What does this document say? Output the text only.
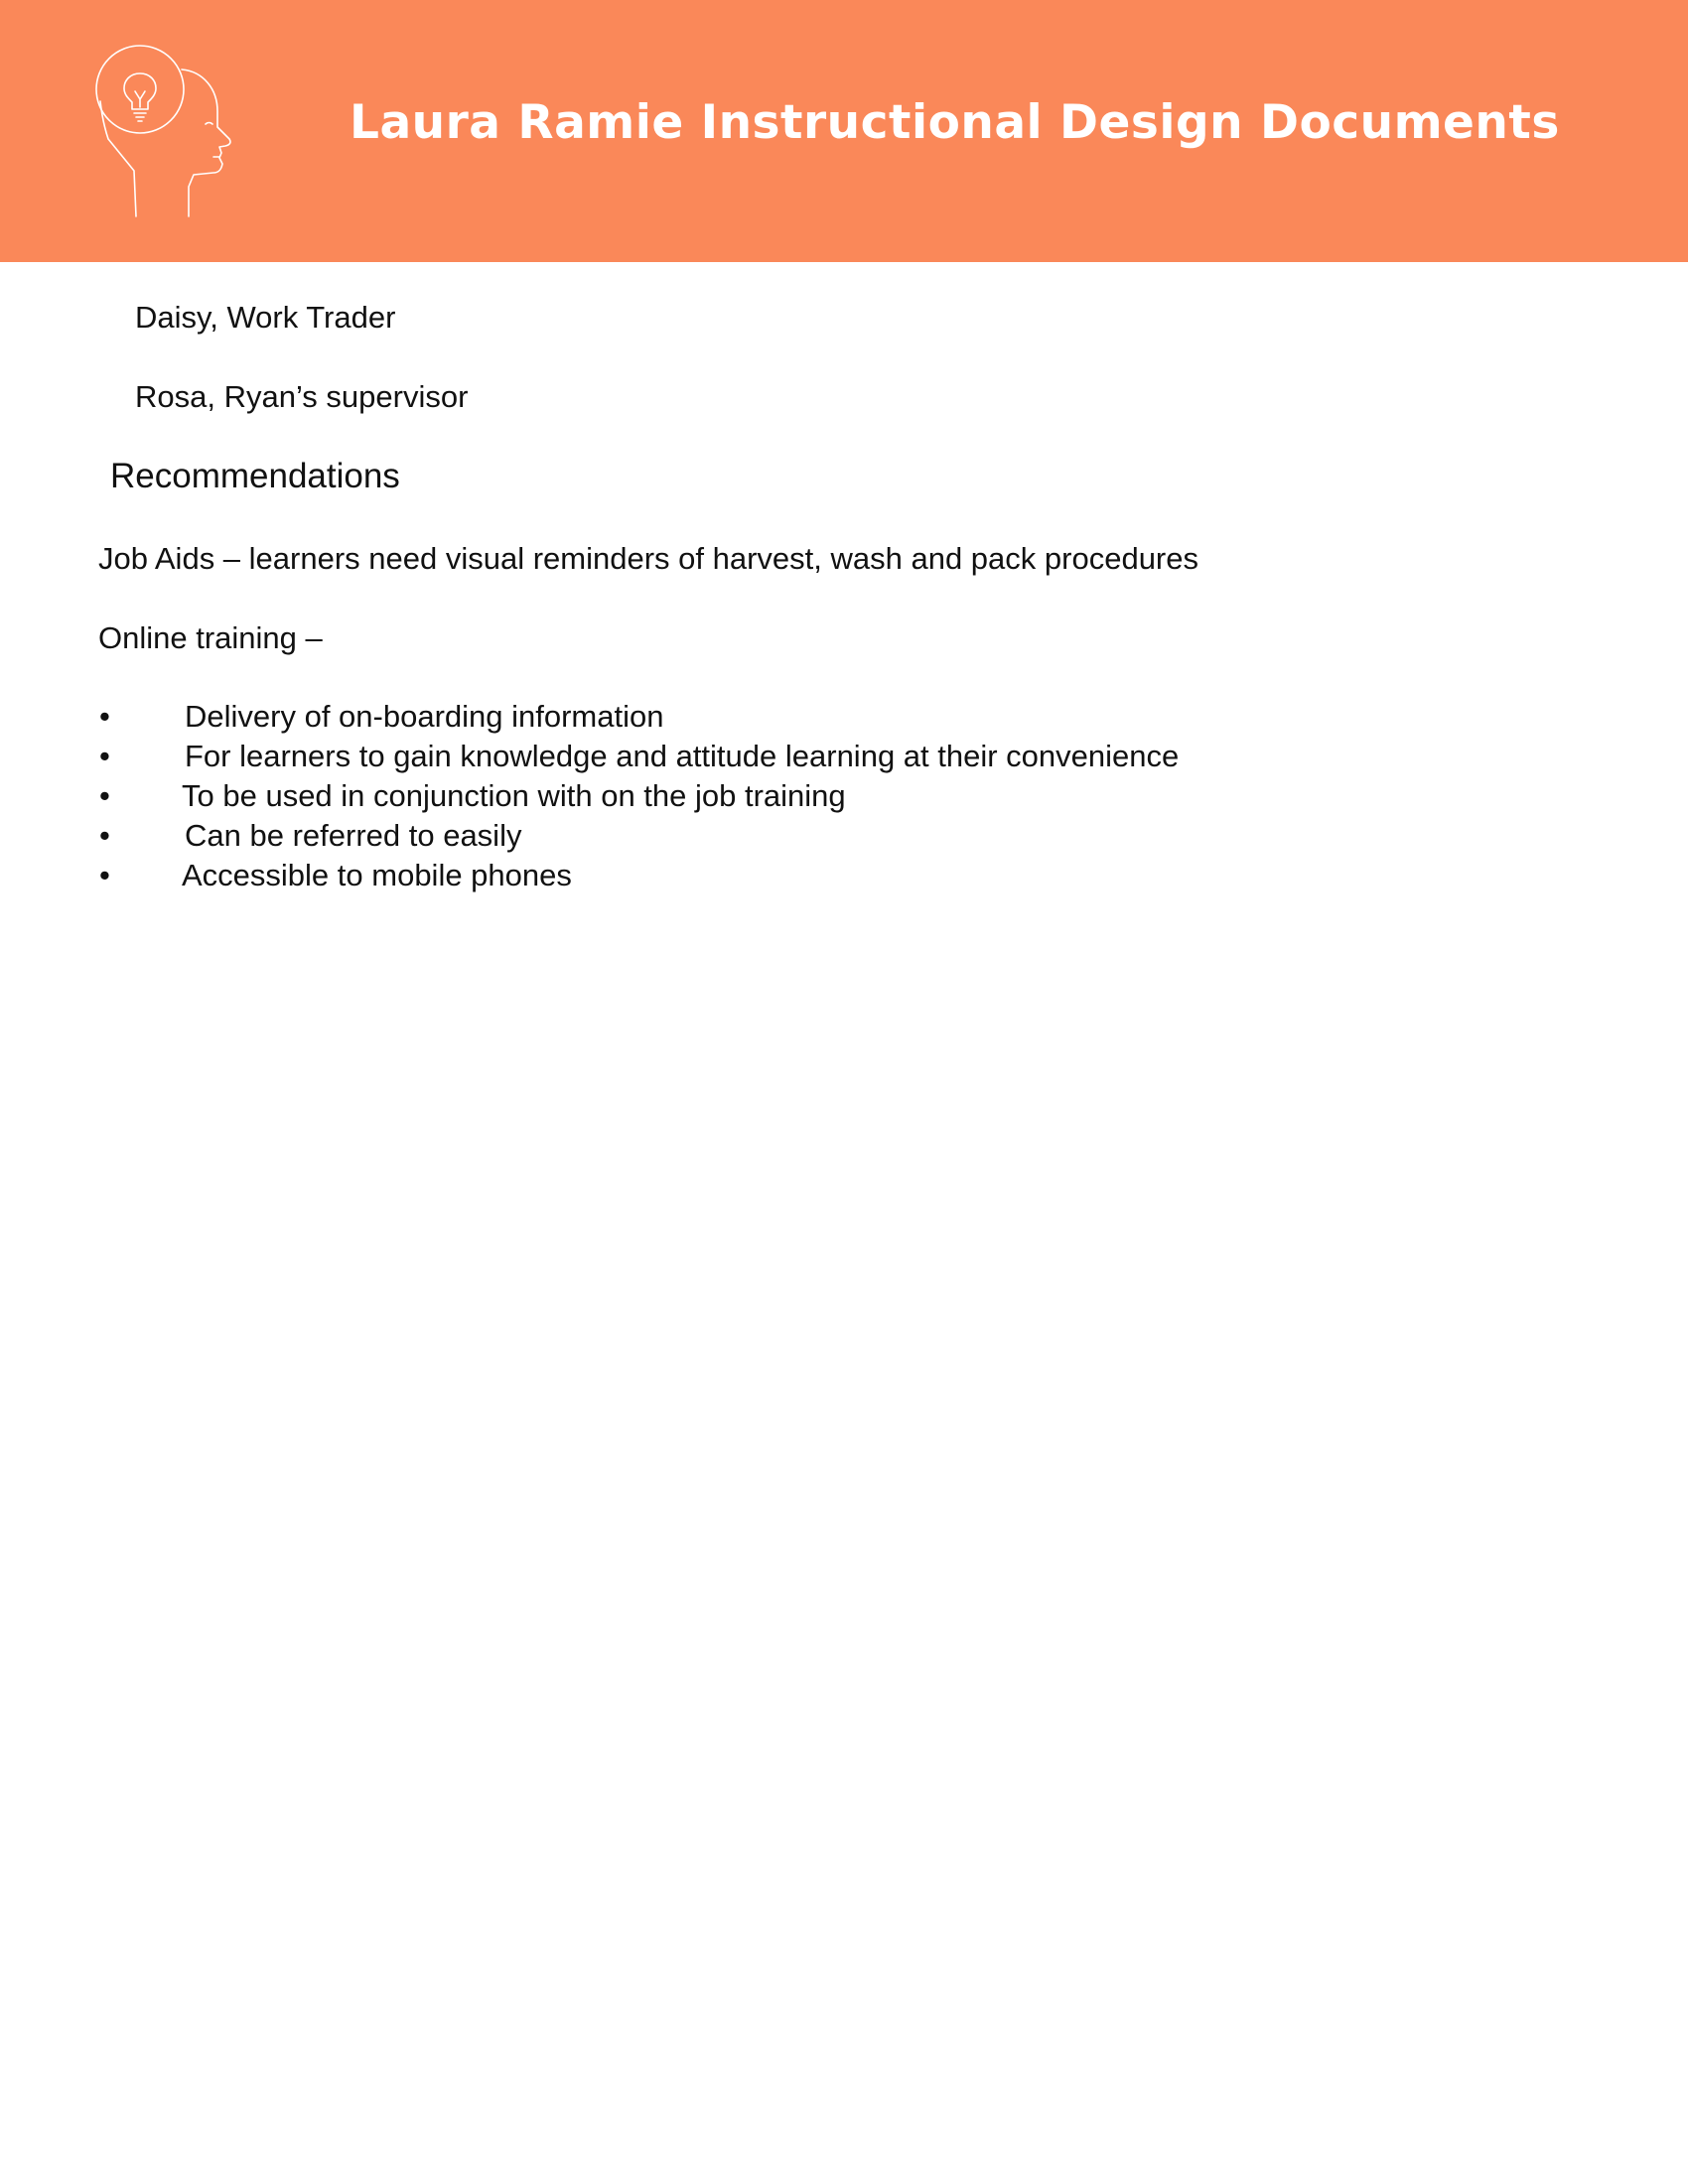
Laura Ramie Instructional Design Documents
Daisy, Work Trader
Rosa, Ryan’s supervisor
Recommendations
Job Aids – learners need visual reminders of harvest, wash and pack procedures
Online training –
• Delivery of on-boarding information
• For learners to gain knowledge and attitude learning at their convenience
• To be used in conjunction with on the job training
• Can be referred to easily
• Accessible to mobile phones
